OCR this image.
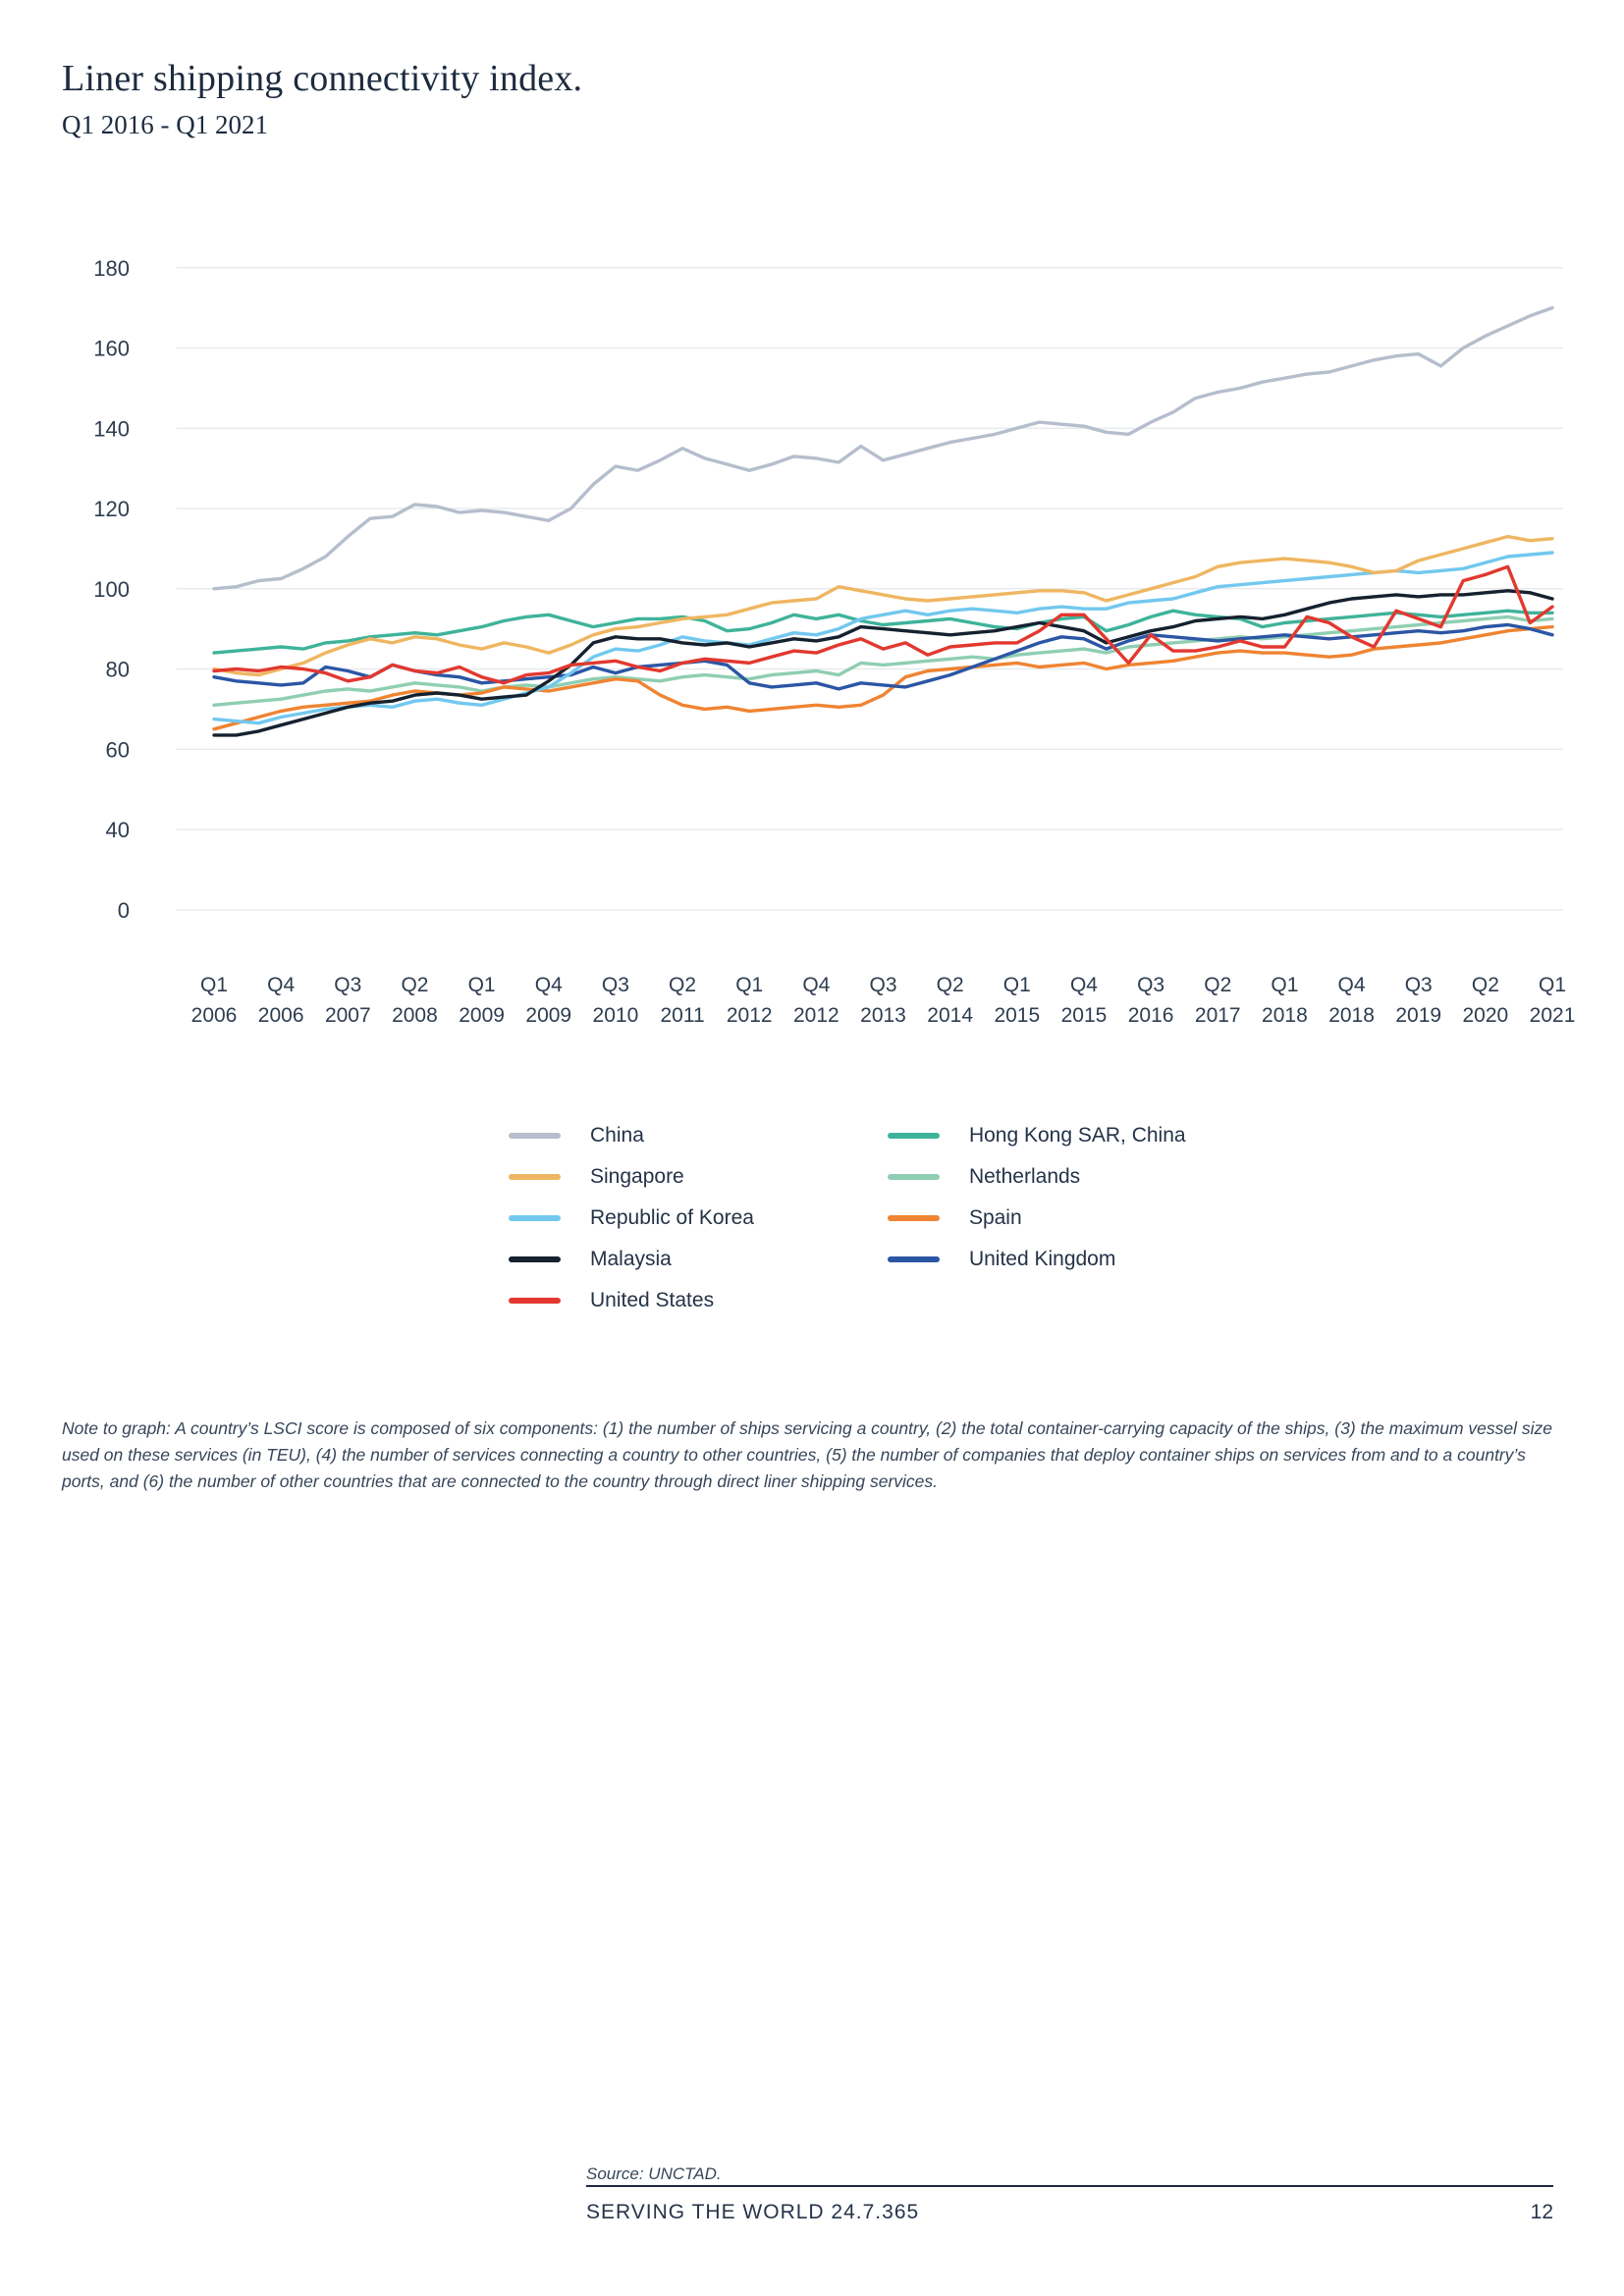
Liner shipping connectivity index.
Q1 2016 - Q1 2021
180
160
140
120
100
80
60
40
0
Q1 2006
Q4 2006
Q3 2007
Q2 2008
Q1 2009
Q4 2009
Q3 2010
Q2 2011
Q1 2012
Q4 2012
Q3 2013
Q2 2014
Q1 2015
Q4 2015
Q3 2016
Q2 2017
Q1 2018
Q4 2018
Q3 2019
Q2 2020
Q1 2021
China
Singapore
Republic of Korea
Malaysia
United States
Hong Kong SAR, China
Netherlands
Spain
United Kingdom

Note to graph: A country’s LSCI score is composed of six components: (1) the number of ships servicing a country, (2) the total container-carrying capacity of the ships, (3) the maximum vessel size used on these services (in TEU), (4) the number of services connecting a country to other countries, (5) the number of companies that deploy container ships on services from and to a country’s ports, and (6) the number of other countries that are connected to the country through direct liner shipping services.

Source: UNCTAD.

SERVING THE WORLD 24.7.365	12
